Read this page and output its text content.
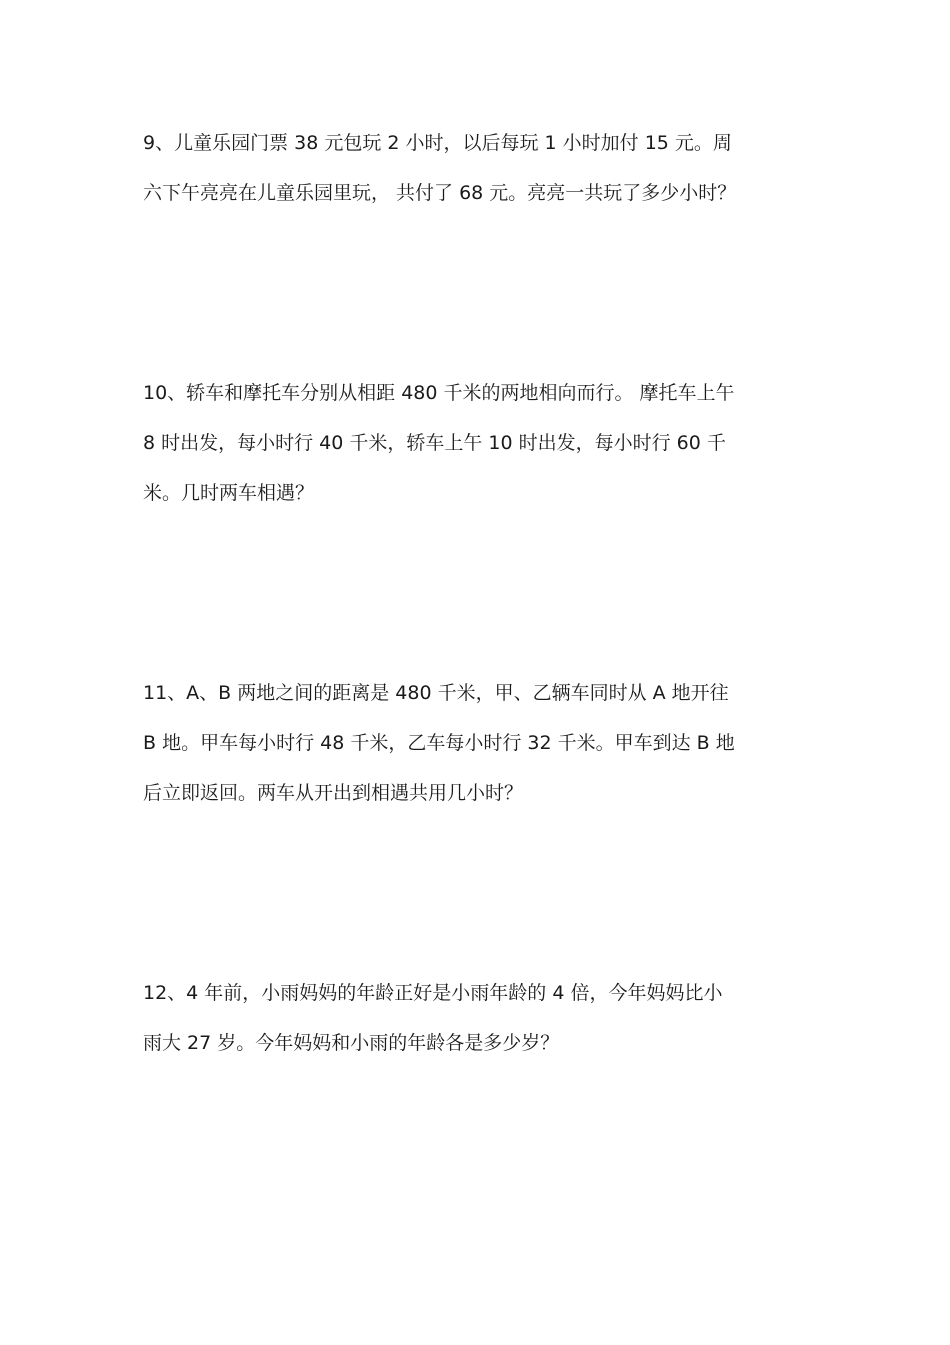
9、儿童乐园门票 38 元包玩 2 小时，以后每玩 1 小时加付 15 元。周
六下午亮亮在儿童乐园里玩， 共付了 68 元。亮亮一共玩了多少小时？
10、轿车和摩托车分别从相距 480 千米的两地相向而行。 摩托车上午
8 时出发，每小时行 40 千米，轿车上午 10 时出发，每小时行 60 千
米。几时两车相遇？
11、A、B 两地之间的距离是 480 千米，甲、乙辆车同时从 A 地开往
B 地。甲车每小时行 48 千米，乙车每小时行 32 千米。甲车到达 B 地
后立即返回。两车从开出到相遇共用几小时？
12、4 年前，小雨妈妈的年龄正好是小雨年龄的 4 倍，今年妈妈比小
雨大 27 岁。今年妈妈和小雨的年龄各是多少岁？
